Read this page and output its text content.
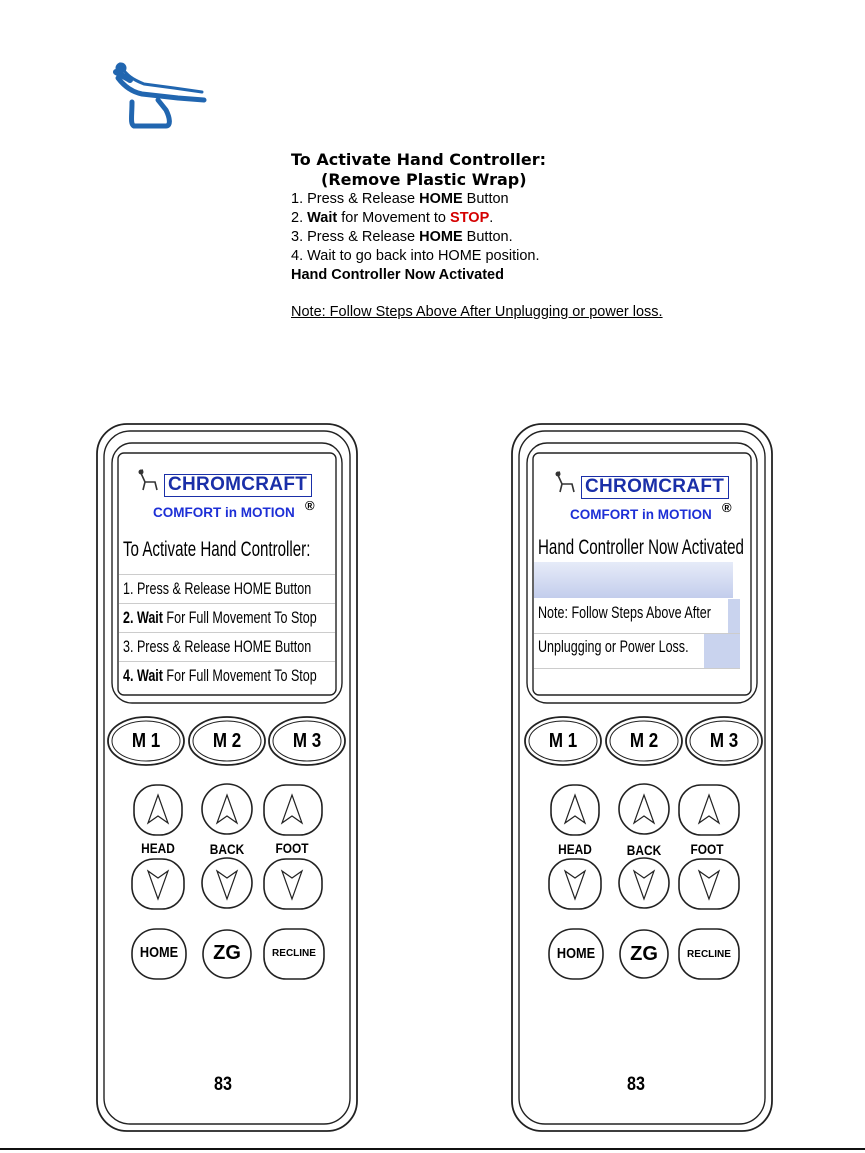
To Activate Hand Controller:
(Remove Plastic Wrap)
1. Press & Release HOME Button
2. Wait for Movement to STOP.
3. Press & Release HOME Button.
4. Wait to go back into HOME position.
Hand Controller Now Activated
Note: Follow Steps Above After Unplugging or power loss.
CHROMCRAFT
COMFORT in MOTION ®
To Activate Hand Controller:
1. Press & Release HOME Button
2. Wait For Full Movement To Stop
3. Press & Release HOME Button
4. Wait For Full Movement To Stop
M 1	M 2	M 3
HEAD	BACK	FOOT
HOME	ZG	RECLINE
83
CHROMCRAFT
COMFORT in MOTION ®
Hand Controller Now Activated
Note: Follow Steps Above After
Unplugging or Power Loss.
M 1	M 2	M 3
HEAD	BACK	FOOT
HOME	ZG	RECLINE
83
